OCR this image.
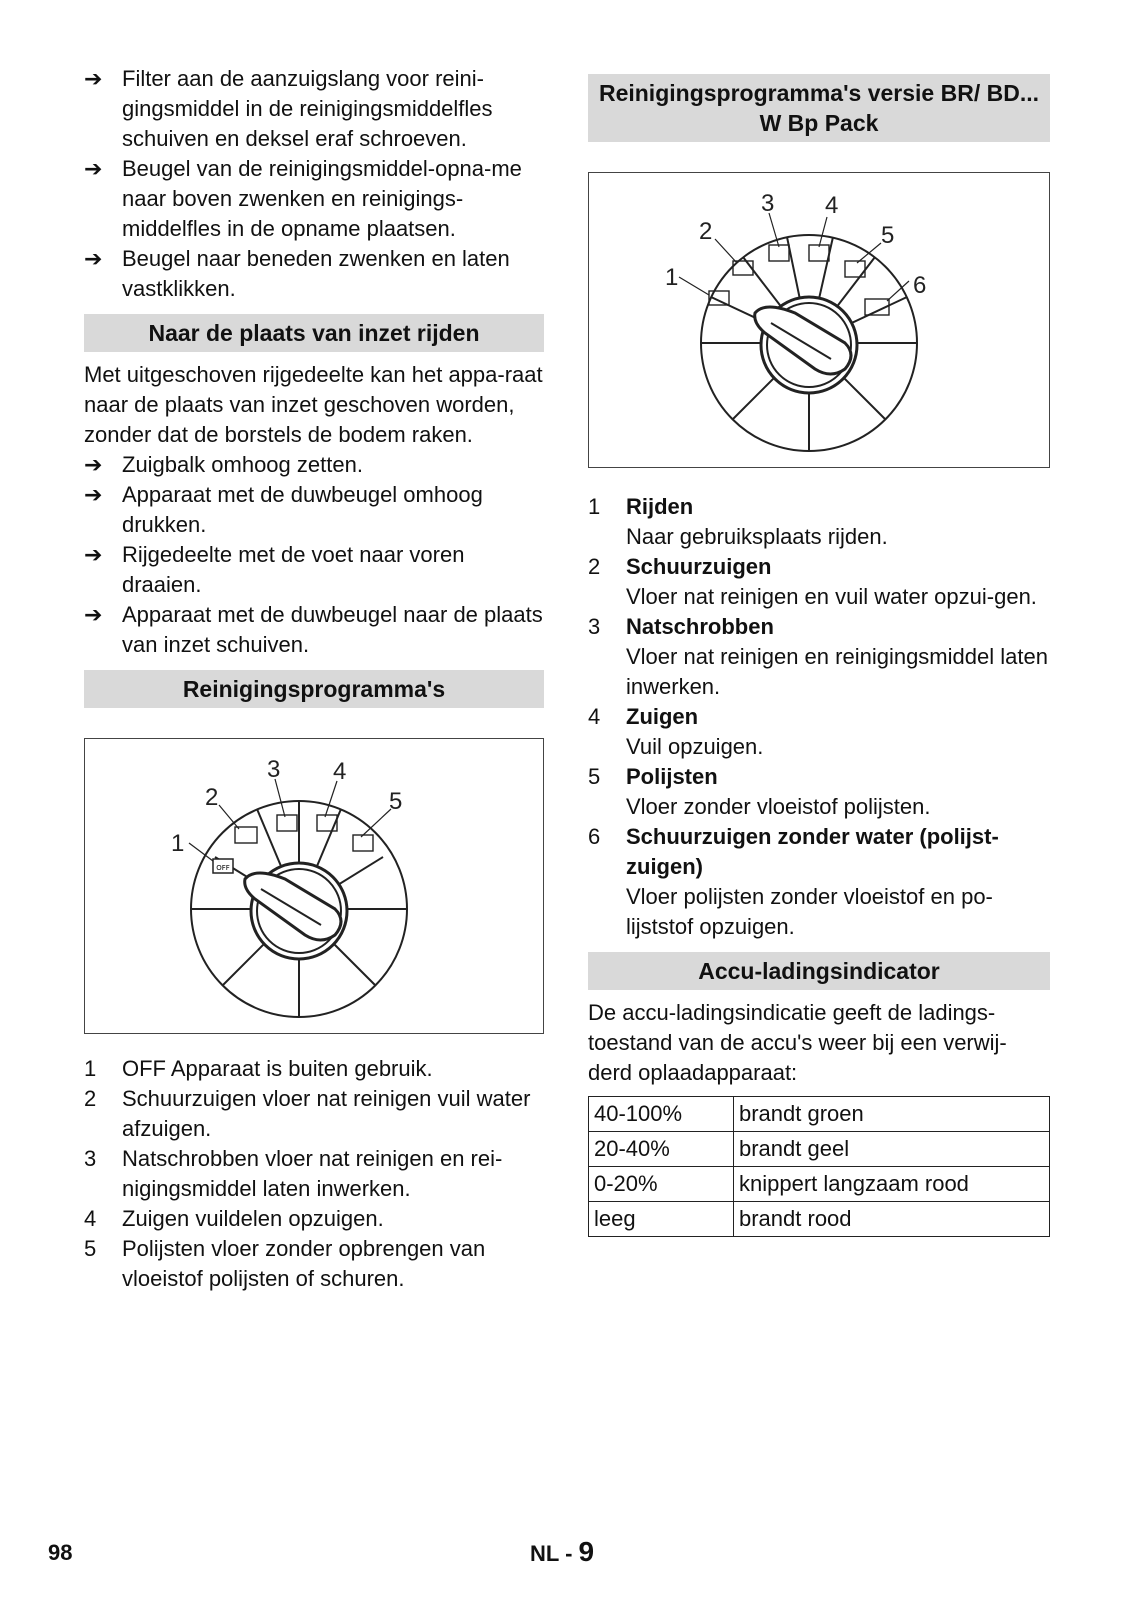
➔ Filter aan de aanzuigslang voor reini-gingsmiddel in de reinigingsmiddelfles schuiven en deksel eraf schroeven.
➔ Beugel van de reinigingsmiddel-opna-me naar boven zwenken en reinigings-middelfles in de opname plaatsen.
➔ Beugel naar beneden zwenken en laten vastklikken.
Naar de plaats van inzet rijden

Met uitgeschoven rijgedeelte kan het appa-raat naar de plaats van inzet geschoven worden, zonder dat de borstels de bodem raken.

➔ Zuigbalk omhoog zetten.
➔ Apparaat met de duwbeugel omhoog drukken.
➔ Rijgedeelte met de voet naar voren draaien.
➔ Apparaat met de duwbeugel naar de plaats van inzet schuiven.
Reinigingsprogramma's
OFF
1
2
3 4
5
1	OFF Apparaat is buiten gebruik.
2	Schuurzuigen vloer nat reinigen vuil water afzuigen.
3	Natschrobben vloer nat reinigen en rei-nigingsmiddel laten inwerken.
4	Zuigen vuildelen opzuigen.
5	Polijsten vloer zonder opbrengen van vloeistof polijsten of schuren.
Reinigingsprogramma's versie BR/ BD... W Bp Pack
1
2
3 4
5
6
1	Rijden
Naar gebruiksplaats rijden.
2	Schuurzuigen
Vloer nat reinigen en vuil water opzui-gen.
3	Natschrobben
Vloer nat reinigen en reinigingsmiddel laten inwerken.
4	Zuigen
Vuil opzuigen.
5	Polijsten
Vloer zonder vloeistof polijsten.
6	Schuurzuigen zonder water (polijst-zuigen)
Vloer polijsten zonder vloeistof en po-lijststof opzuigen.
Accu-ladingsindicator

De accu-ladingsindicatie geeft de ladings-toestand van de accu's weer bij een verwij-derd oplaadapparaat:

40-100%	brandt groen
20-40%	brandt geel
0-20%	knippert langzaam rood
leeg	brandt rood
98	NL - 9
